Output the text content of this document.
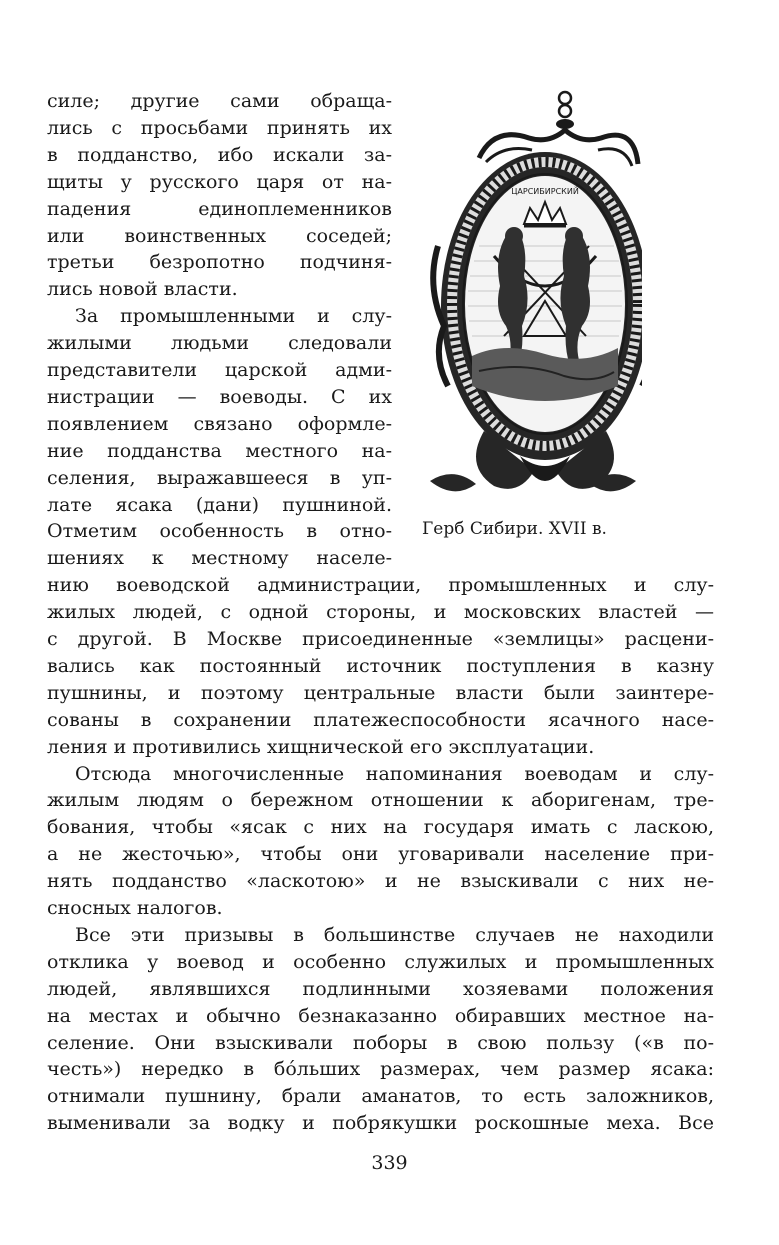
силе; другие сами обраща-
лись с просьбами принять их
в подданство, ибо искали за-
щиты у русского царя от на-
падения единоплеменников
или воинственных соседей;
третьи безропотно подчиня-
лись новой власти.
За промышленными и слу-
жилыми людьми следовали
представители царской адми-
нистрации — воеводы. С их
появлением связано оформле-
ние подданства местного на-
селения, выражавшееся в уп-
лате ясака (дани) пушниной.
Отметим особенность в отно-
шениях к местному населе-
нию воеводской администрации, промышленных и слу-
жилых людей, с одной стороны, и московских властей —
с другой. В Москве присоединенные «землицы» расцени-
вались как постоянный источник поступления в казну
пушнины, и поэтому центральные власти были заинтере-
сованы в сохранении платежеспособности ясачного насе-
ления и противились хищнической его эксплуатации.
Отсюда многочисленные напоминания воеводам и слу-
жилым людям о бережном отношении к аборигенам, тре-
бования, чтобы «ясак с них на государя имать с ласкою,
а не жесточью», чтобы они уговаривали население при-
нять подданство «ласкотою» и не взыскивали с них не-
сносных налогов.
Все эти призывы в большинстве случаев не находили
отклика у воевод и особенно служилых и промышленных
людей, являвшихся подлинными хозяевами положения
на местах и обычно безнаказанно обиравших местное на-
селение. Они взыскивали поборы в свою пользу («в по-
честь») нередко в бóльших размерах, чем размер ясака:
отнимали пушнину, брали аманатов, то есть заложников,
выменивали за водку и побрякушки роскошные меха. Все
ЦАРСИБИРСКИЙ
Герб Сибири. XVII в.
339
